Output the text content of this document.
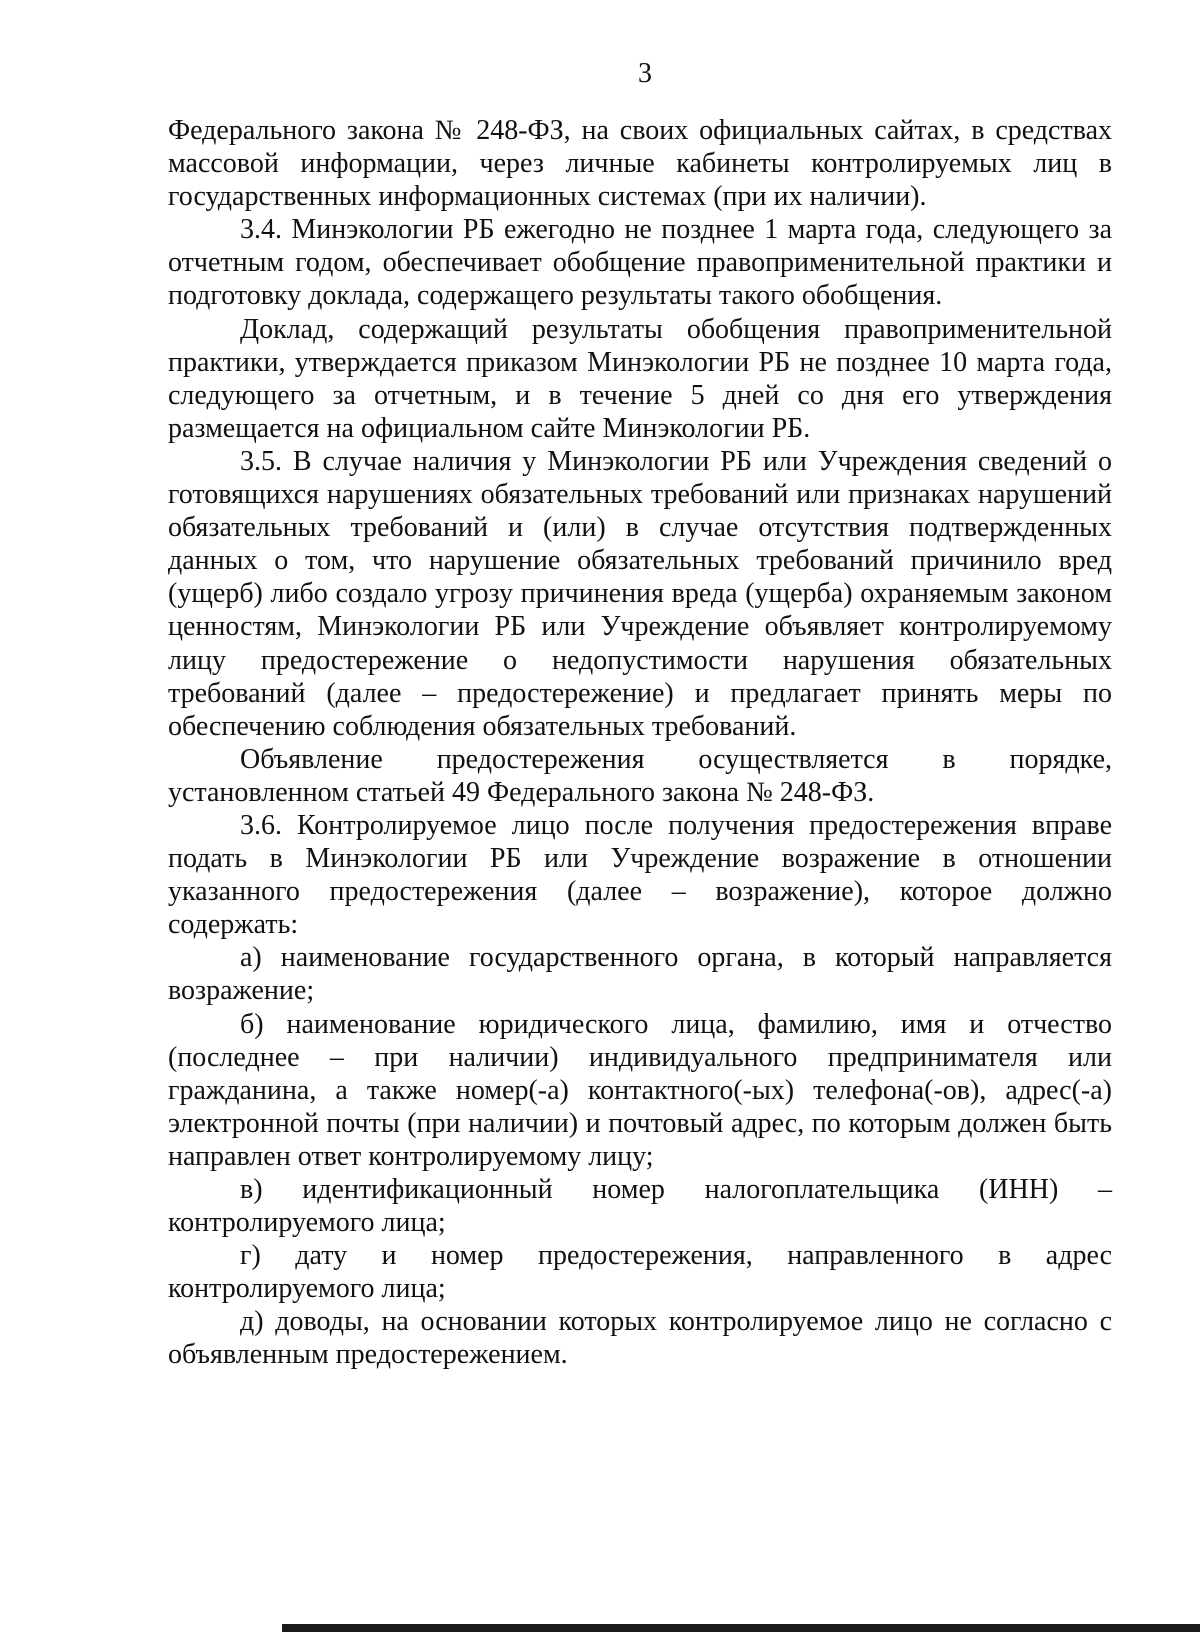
3

Федерального закона № 248-ФЗ, на своих официальных сайтах, в средствах массовой информации, через личные кабинеты контролируемых лиц в государственных информационных системах (при их наличии).

3.4. Минэкологии РБ ежегодно не позднее 1 марта года, следующего за отчетным годом, обеспечивает обобщение правоприменительной практики и подготовку доклада, содержащего результаты такого обобщения.

Доклад, содержащий результаты обобщения правоприменительной практики, утверждается приказом Минэкологии РБ не позднее 10 марта года, следующего за отчетным, и в течение 5 дней со дня его утверждения размещается на официальном сайте Минэкологии РБ.

3.5. В случае наличия у Минэкологии РБ или Учреждения сведений о готовящихся нарушениях обязательных требований или признаках нарушений обязательных требований и (или) в случае отсутствия подтвержденных данных о том, что нарушение обязательных требований причинило вред (ущерб) либо создало угрозу причинения вреда (ущерба) охраняемым законом ценностям, Минэкологии РБ или Учреждение объявляет контролируемому лицу предостережение о недопустимости нарушения обязательных требований (далее – предостережение) и предлагает принять меры по обеспечению соблюдения обязательных требований.

Объявление предостережения осуществляется в порядке, установленном статьей 49 Федерального закона № 248-ФЗ.

3.6. Контролируемое лицо после получения предостережения вправе подать в Минэкологии РБ или Учреждение возражение в отношении указанного предостережения (далее – возражение), которое должно содержать:

а) наименование государственного органа, в который направляется возражение;

б) наименование юридического лица, фамилию, имя и отчество (последнее – при наличии) индивидуального предпринимателя или гражданина, а также номер(-а) контактного(-ых) телефона(-ов), адрес(-а) электронной почты (при наличии) и почтовый адрес, по которым должен быть направлен ответ контролируемому лицу;

в) идентификационный номер налогоплательщика (ИНН) – контролируемого лица;

г) дату и номер предостережения, направленного в адрес контролируемого лица;

д) доводы, на основании которых контролируемое лицо не согласно с объявленным предостережением.
